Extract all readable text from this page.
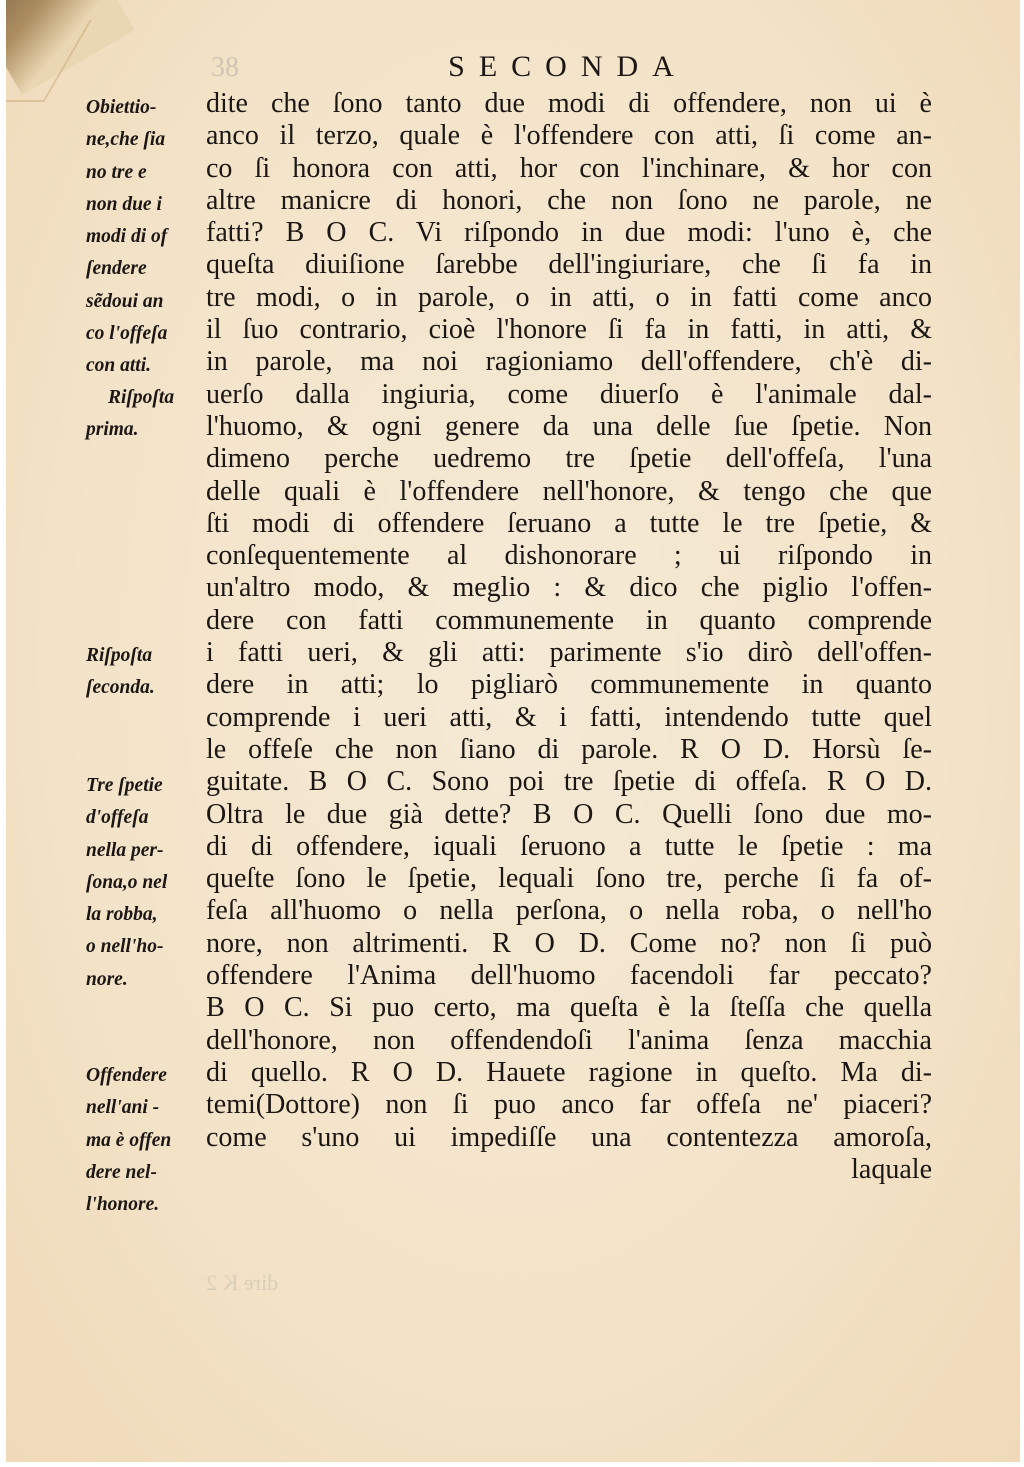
38	SECONDA
Obiettio-
ne,che ſia
no tre e
non due i
modi di of
ſendere
sẽdoui an
co l'offeſa
con atti.
Riſpoſta
prima.
Riſpoſta
ſeconda.
Tre ſpetie
d'offeſa
nella per-
ſona,o nel
la robba,
o nell'ho-
nore.
Offendere
nell'ani -
ma è offen
dere nel-
l'honore.
dite che ſono tanto due modi di offendere, non ui è
anco il terzo, quale è l'offendere con atti, ſi come an-
co ſi honora con atti, hor con l'inchinare, & hor con
altre manicre di honori, che non ſono ne parole, ne
fatti? B O C. Vi riſpondo in due modi: l'uno è, che
queſta diuiſione ſarebbe dell'ingiuriare, che ſi fa in
tre modi, o in parole, o in atti, o in fatti come anco
il ſuo contrario, cioè l'honore ſi fa in fatti, in atti, &
in parole, ma noi ragioniamo dell'offendere, ch'è di-
uerſo dalla ingiuria, come diuerſo è l'animale dal-
l'huomo, & ogni genere da una delle ſue ſpetie. Non
dimeno perche uedremo tre ſpetie dell'offeſa, l'una
delle quali è l'offendere nell'honore, & tengo che que
ſti modi di offendere ſeruano a tutte le tre ſpetie, &
conſequentemente al dishonorare ; ui riſpondo in
un'altro modo, & meglio : & dico che piglio l'offen-
dere con fatti communemente in quanto comprende
i fatti ueri, & gli atti: parimente s'io dirò dell'offen-
dere in atti; lo pigliarò communemente in quanto
comprende i ueri atti, & i fatti, intendendo tutte quel
le offeſe che non ſiano di parole. R O D. Horsù ſe-
guitate. B O C. Sono poi tre ſpetie di offeſa. R O D.
Oltra le due già dette? B O C. Quelli ſono due mo-
di di offendere, iquali ſeruono a tutte le ſpetie : ma
queſte ſono le ſpetie, lequali ſono tre, perche ſi fa of-
feſa all'huomo o nella perſona, o nella roba, o nell'ho
nore, non altrimenti. R O D. Come no? non ſi può
offendere l'Anima dell'huomo facendoli far peccato?
B O C. Si puo certo, ma queſta è la ſteſſa che quella
dell'honore, non offendendoſi l'anima ſenza macchia
di quello. R O D. Hauete ragione in queſto. Ma di-
temi(Dottore) non ſi puo anco far offeſa ne' piaceri?
come s'uno ui impediſſe una contentezza amoroſa,
laquale
dire K 2
